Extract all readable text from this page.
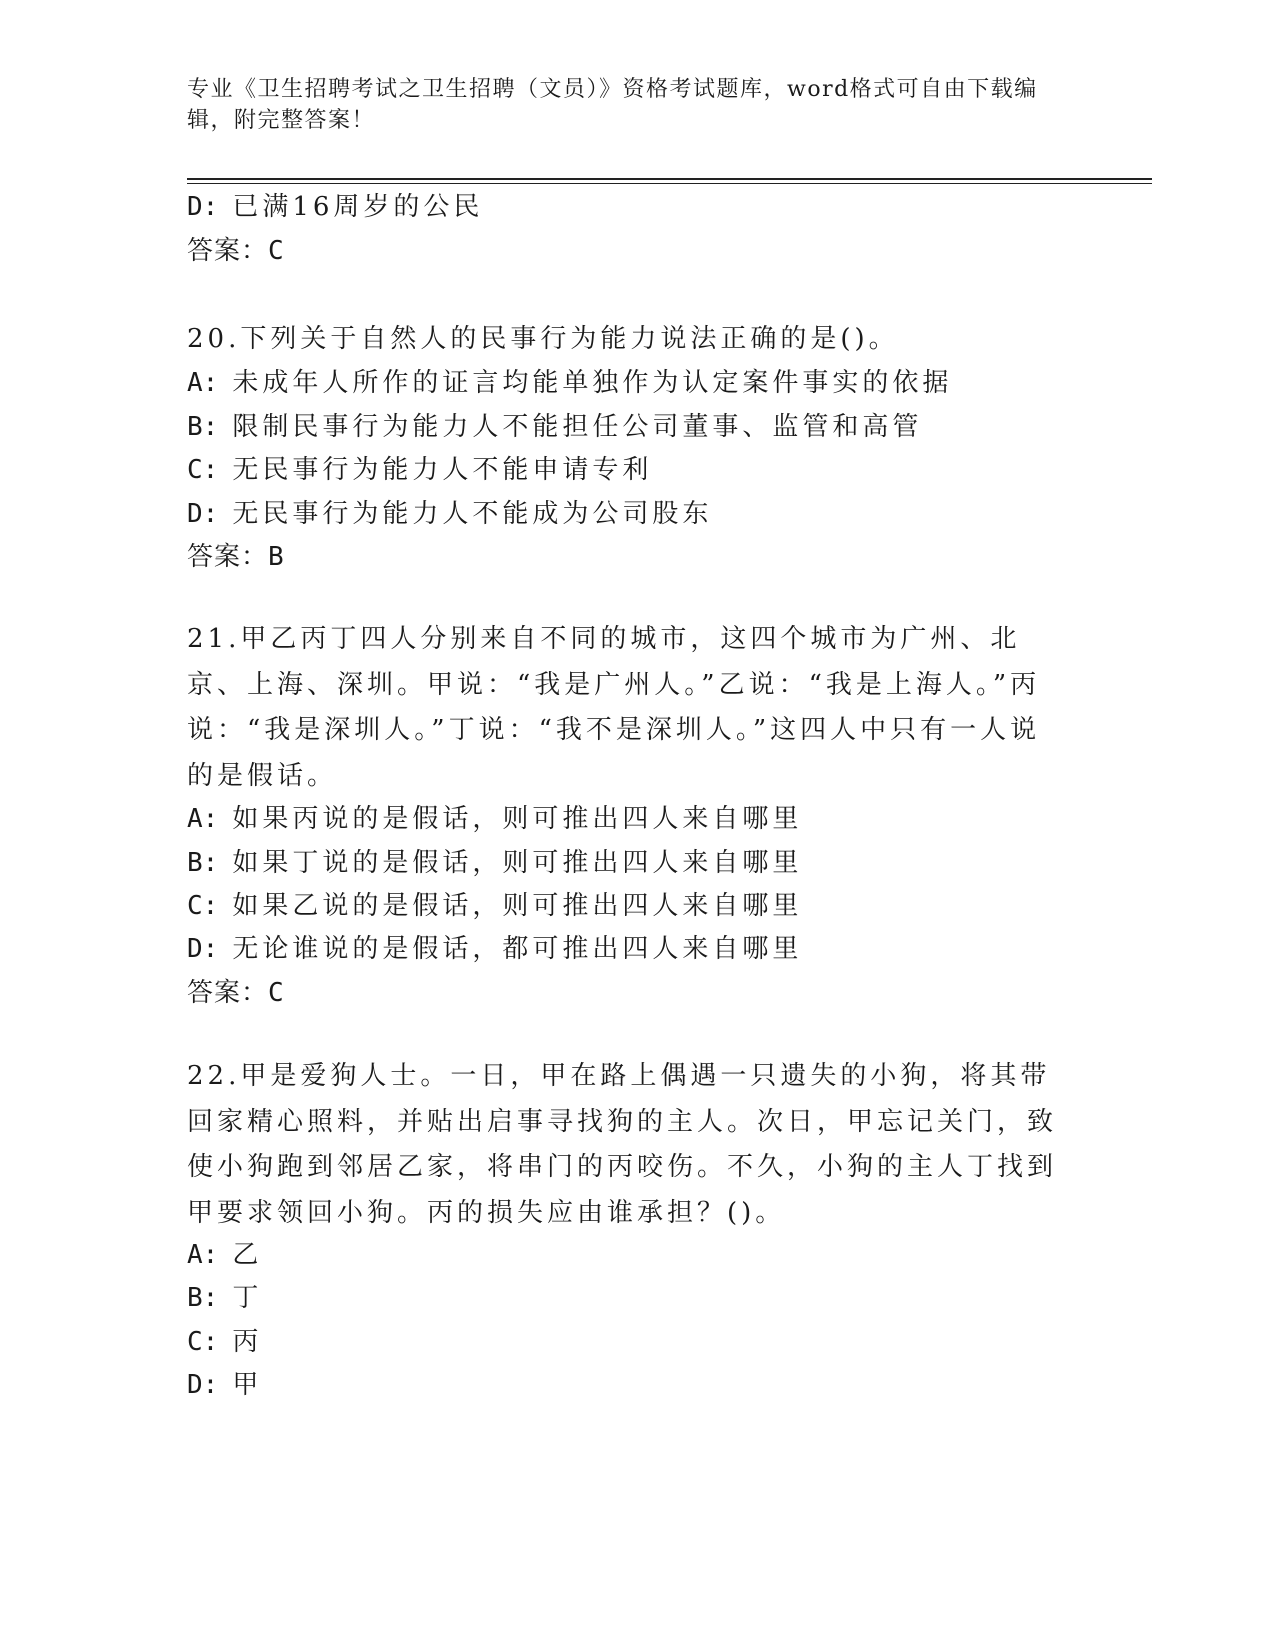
专业《卫生招聘考试之卫生招聘（文员）》资格考试题库，word格式可自由下载编辑，附完整答案！
D: 已满16周岁的公民
答案：C
20.下列关于自然人的民事行为能力说法正确的是()。
A: 未成年人所作的证言均能单独作为认定案件事实的依据
B: 限制民事行为能力人不能担任公司董事、监管和高管
C: 无民事行为能力人不能申请专利
D: 无民事行为能力人不能成为公司股东
答案：B
21.甲乙丙丁四人分别来自不同的城市，这四个城市为广州、北京、上海、深圳。甲说：“我是广州人。”乙说：“我是上海人。”丙说：“我是深圳人。”丁说：“我不是深圳人。”这四人中只有一人说的是假话。
A: 如果丙说的是假话，则可推出四人来自哪里
B: 如果丁说的是假话，则可推出四人来自哪里
C: 如果乙说的是假话，则可推出四人来自哪里
D: 无论谁说的是假话，都可推出四人来自哪里
答案：C
22.甲是爱狗人士。一日，甲在路上偶遇一只遗失的小狗，将其带回家精心照料，并贴出启事寻找狗的主人。次日，甲忘记关门，致使小狗跑到邻居乙家，将串门的丙咬伤。不久，小狗的主人丁找到甲要求领回小狗。丙的损失应由谁承担？()。
A: 乙
B: 丁
C: 丙
D: 甲
